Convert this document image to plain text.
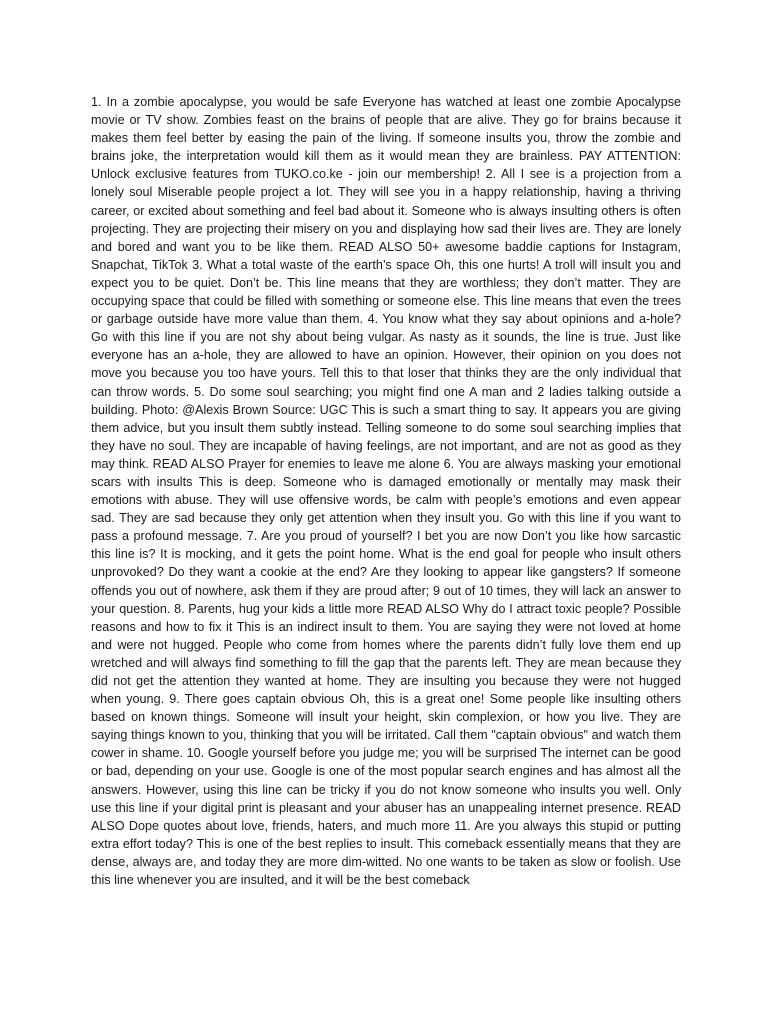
1. In a zombie apocalypse, you would be safe Everyone has watched at least one zombie Apocalypse movie or TV show. Zombies feast on the brains of people that are alive. They go for brains because it makes them feel better by easing the pain of the living. If someone insults you, throw the zombie and brains joke, the interpretation would kill them as it would mean they are brainless. PAY ATTENTION: Unlock exclusive features from TUKO.co.ke - join our membership! 2. All I see is a projection from a lonely soul Miserable people project a lot. They will see you in a happy relationship, having a thriving career, or excited about something and feel bad about it. Someone who is always insulting others is often projecting. They are projecting their misery on you and displaying how sad their lives are. They are lonely and bored and want you to be like them. READ ALSO 50+ awesome baddie captions for Instagram, Snapchat, TikTok 3. What a total waste of the earth’s space Oh, this one hurts! A troll will insult you and expect you to be quiet. Don’t be. This line means that they are worthless; they don’t matter. They are occupying space that could be filled with something or someone else. This line means that even the trees or garbage outside have more value than them. 4. You know what they say about opinions and a-hole? Go with this line if you are not shy about being vulgar. As nasty as it sounds, the line is true. Just like everyone has an a-hole, they are allowed to have an opinion. However, their opinion on you does not move you because you too have yours. Tell this to that loser that thinks they are the only individual that can throw words. 5. Do some soul searching; you might find one A man and 2 ladies talking outside a building. Photo: @Alexis Brown Source: UGC This is such a smart thing to say. It appears you are giving them advice, but you insult them subtly instead. Telling someone to do some soul searching implies that they have no soul. They are incapable of having feelings, are not important, and are not as good as they may think. READ ALSO Prayer for enemies to leave me alone 6. You are always masking your emotional scars with insults This is deep. Someone who is damaged emotionally or mentally may mask their emotions with abuse. They will use offensive words, be calm with people’s emotions and even appear sad. They are sad because they only get attention when they insult you. Go with this line if you want to pass a profound message. 7. Are you proud of yourself? I bet you are now Don’t you like how sarcastic this line is? It is mocking, and it gets the point home. What is the end goal for people who insult others unprovoked? Do they want a cookie at the end? Are they looking to appear like gangsters? If someone offends you out of nowhere, ask them if they are proud after; 9 out of 10 times, they will lack an answer to your question. 8. Parents, hug your kids a little more READ ALSO Why do I attract toxic people? Possible reasons and how to fix it This is an indirect insult to them. You are saying they were not loved at home and were not hugged. People who come from homes where the parents didn’t fully love them end up wretched and will always find something to fill the gap that the parents left. They are mean because they did not get the attention they wanted at home. They are insulting you because they were not hugged when young. 9. There goes captain obvious Oh, this is a great one! Some people like insulting others based on known things. Someone will insult your height, skin complexion, or how you live. They are saying things known to you, thinking that you will be irritated. Call them "captain obvious" and watch them cower in shame. 10. Google yourself before you judge me; you will be surprised The internet can be good or bad, depending on your use. Google is one of the most popular search engines and has almost all the answers. However, using this line can be tricky if you do not know someone who insults you well. Only use this line if your digital print is pleasant and your abuser has an unappealing internet presence. READ ALSO Dope quotes about love, friends, haters, and much more 11. Are you always this stupid or putting extra effort today? This is one of the best replies to insult. This comeback essentially means that they are dense, always are, and today they are more dim-witted. No one wants to be taken as slow or foolish. Use this line whenever you are insulted, and it will be the best comeback
